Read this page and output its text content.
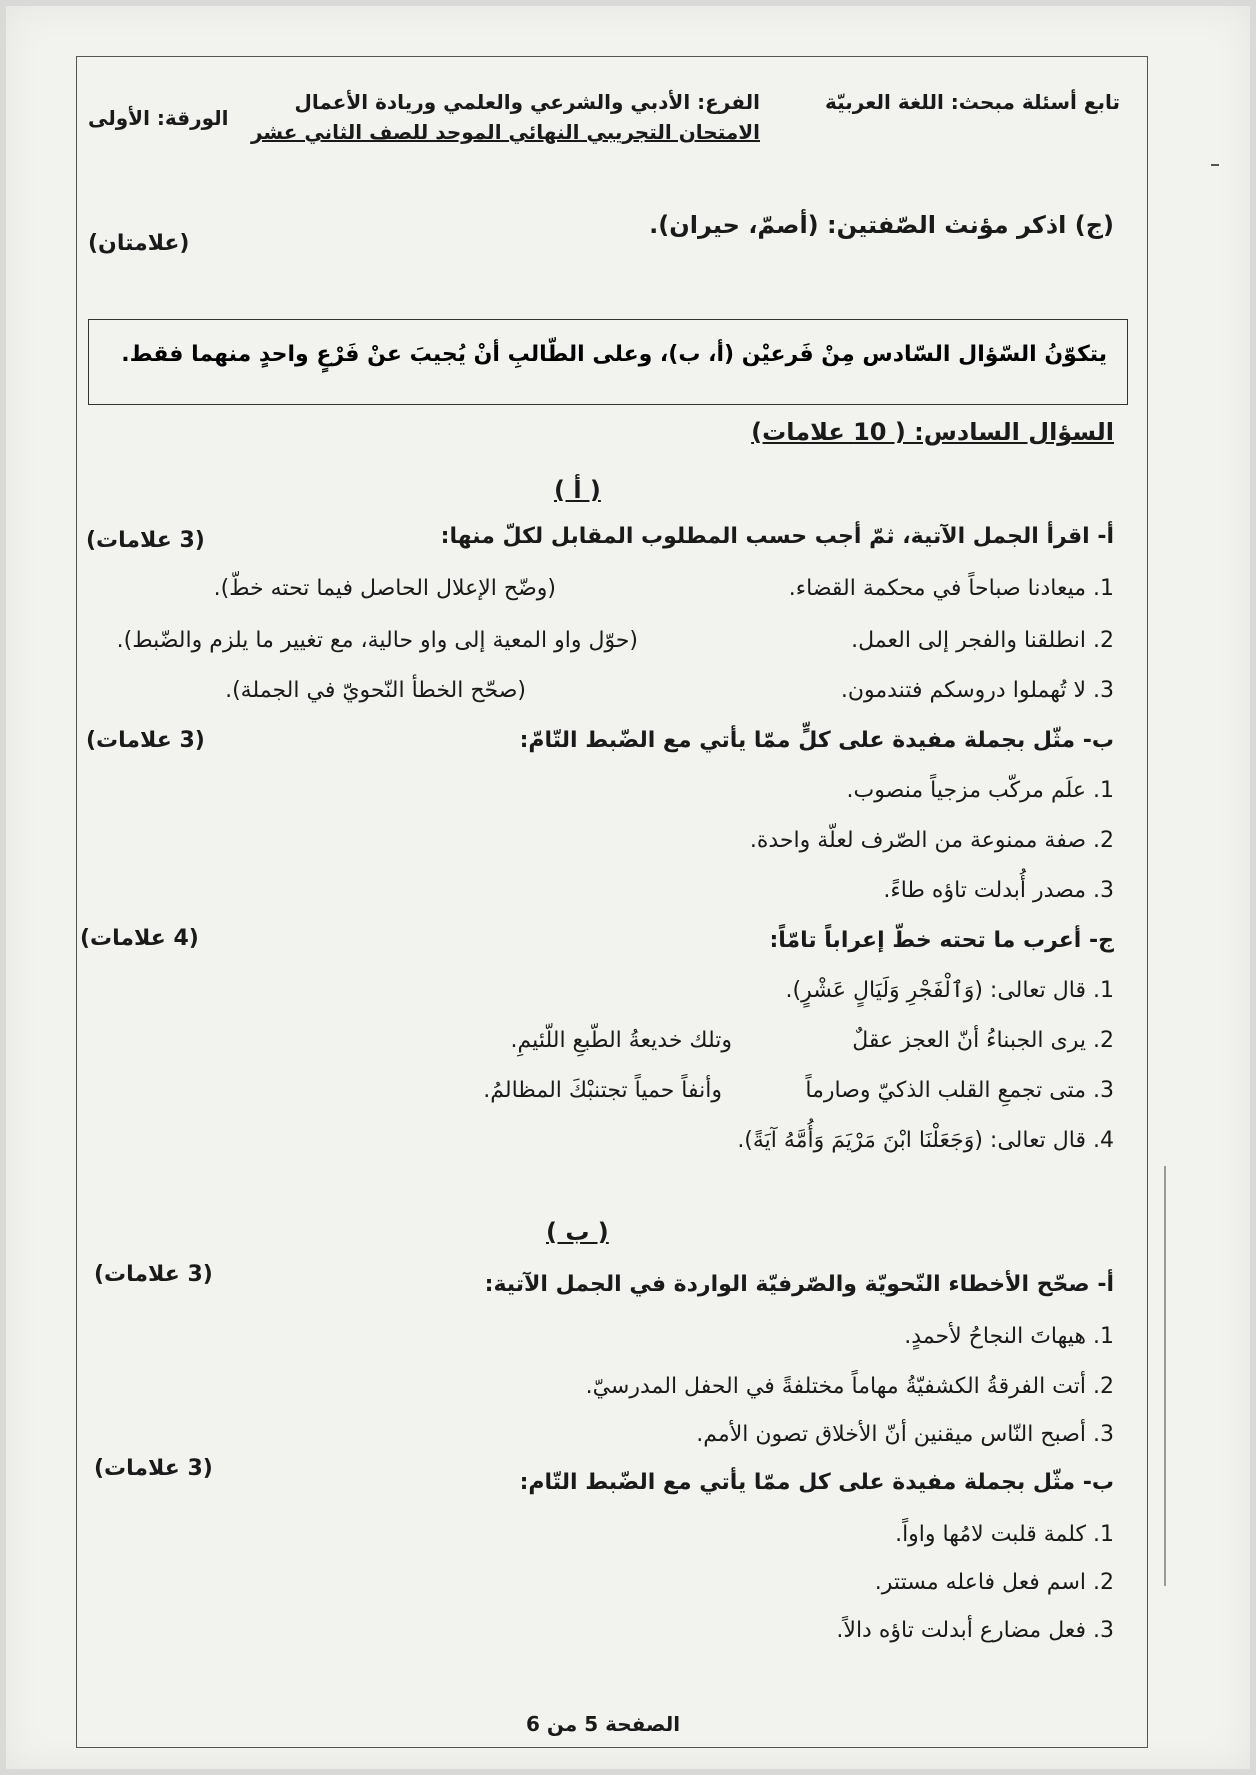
تابع أسئلة مبحث: اللغة العربيّة
الفرع: الأدبي والشرعي والعلمي وريادة الأعمال
الورقة: الأولى
الامتحان التجريبي النهائي الموحد للصف الثاني عشر
(ج) اذكر مؤنث الصّفتين: (أصمّ، حيران).
(علامتان)
يتكوّنُ السّؤال السّادس مِنْ فَرعيْن (أ، ب)، وعلى الطّالبِ أنْ يُجيبَ عنْ فَرْعٍ واحدٍ منهما فقط.
السؤال السادس: ( 10 علامات)
( أ )
أ- اقرأ الجمل الآتية، ثمّ أجب حسب المطلوب المقابل لكلّ منها:
(3 علامات)
1. ميعادنا صباحاً في محكمة القضاء.
(وضّح الإعلال الحاصل فيما تحته خطّ).
2. انطلقنا والفجر إلى العمل.
(حوّل واو المعية إلى واو حالية، مع تغيير ما يلزم والضّبط).
3. لا تُهملوا دروسكم فتندمون.
(صحّح الخطأ النّحويّ في الجملة).
ب- مثّل بجملة مفيدة على كلٍّ ممّا يأتي مع الضّبط التّامّ:
(3 علامات)
1. علَم مركّب مزجياً منصوب.
2. صفة ممنوعة من الصّرف لعلّة واحدة.
3. مصدر أُبدلت تاؤه طاءً.
ج- أعرب ما تحته خطّ إعراباً تامّاً:
(4 علامات)
1. قال تعالى: (وَٱلْفَجْرِ وَلَيَالٍ عَشْرٍ).
2. يرى الجبناءُ أنّ العجز عقلٌ
وتلك خديعةُ الطّبعِ اللّئيمِ.
3. متى تجمعِ القلب الذكيّ وصارماً
وأنفاً حمياً تجتنبْكَ المظالمُ.
4. قال تعالى: (وَجَعَلْنَا ابْنَ مَرْيَمَ وَأُمَّهُ آيَةً).
( ب )
أ- صحّح الأخطاء النّحويّة والصّرفيّة الواردة في الجمل الآتية:
(3 علامات)
1. هيهاتَ النجاحُ لأحمدٍ.
2. أتت الفرقةُ الكشفيّةُ مهاماً مختلفةً في الحفل المدرسيّ.
3. أصبح النّاس ميقنين أنّ الأخلاق تصون الأمم.
ب- مثّل بجملة مفيدة على كل ممّا يأتي مع الضّبط التّام:
(3 علامات)
1. كلمة قلبت لامُها واواً.
2. اسم فعل فاعله مستتر.
3. فعل مضارع أبدلت تاؤه دالاً.
الصفحة 5 من 6
